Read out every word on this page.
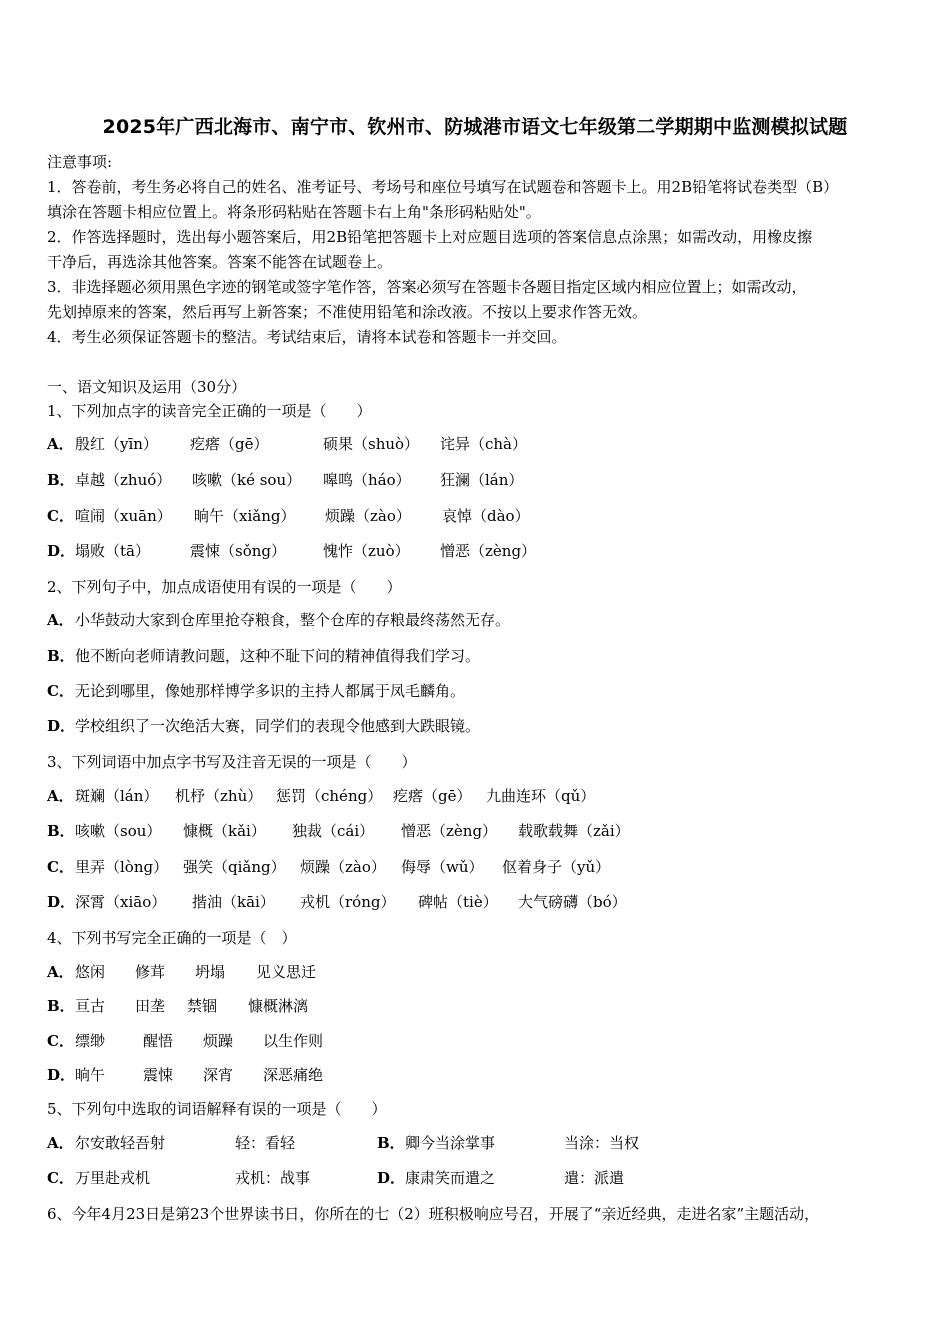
2025年广西北海市、南宁市、钦州市、防城港市语文七年级第二学期期中监测模拟试题
注意事项:
1．答卷前，考生务必将自己的姓名、准考证号、考场号和座位号填写在试题卷和答题卡上。用2B铅笔将试卷类型（B）
填涂在答题卡相应位置上。将条形码粘贴在答题卡右上角"条形码粘贴处"。
2．作答选择题时，选出每小题答案后，用2B铅笔把答题卡上对应题目选项的答案信息点涂黑；如需改动，用橡皮擦
干净后，再选涂其他答案。答案不能答在试题卷上。
3．非选择题必须用黑色字迹的钢笔或签字笔作答，答案必须写在答题卡各题目指定区域内相应位置上；如需改动，
先划掉原来的答案，然后再写上新答案；不准使用铅笔和涂改液。不按以上要求作答无效。
4．考生必须保证答题卡的整洁。考试结束后，请将本试卷和答题卡一并交回。
一、语文知识及运用（30分）
1、下列加点字的读音完全正确的一项是（　　）
A． 殷红（yīn） 疙瘩（gē）	硕果（shuò） 诧异（chà）
B． 卓越（zhuó） 咳嗽（ké sou） 嗥鸣（háo） 狂澜（lán）
C． 喧闹（xuān） 晌午（xiǎng） 烦躁（zào） 哀悼（dào）
D． 塌败（tā）	震悚（sǒng） 愧怍（zuò） 憎恶（zèng）
2、下列句子中，加点成语使用有误的一项是（　　）
A． 小华鼓动大家到仓库里抢夺粮食，整个仓库的存粮最终荡然无存。
B． 他不断向老师请教问题，这种不耻下问的精神值得我们学习。
C． 无论到哪里，像她那样博学多识的主持人都属于凤毛麟角。
D． 学校组织了一次绝活大赛，同学们的表现令他感到大跌眼镜。
3、下列词语中加点字书写及注音无误的一项是（　　）
A． 斑斓（lán） 机杼（zhù） 惩罚（chéng） 疙瘩（gē） 九曲连环（qǔ）
B． 咳嗽（sou） 慷概（kǎi） 独裁（cái） 憎恶（zèng） 载歌载舞（zǎi）
C． 里弄（lònɡ） 强笑（qiǎng） 烦躁（zào） 侮辱（wǔ） 伛着身子（yǔ）
D． 深霄（xiāo） 揩油（kāi） 戎机（róng） 碑帖（tiè） 大气磅礴（bó）
4、下列书写完全正确的一项是（　）
A． 悠闲 修茸 坍塌 见义思迁
B． 亘古 田垄 禁锢 慷概淋漓
C． 缥缈	醒悟 烦躁 以生作则
D． 晌午	震悚 深宵 深恶痛绝
5、下列句中选取的词语解释有误的一项是（　　）
A． 尔安敢轻吾射	轻：看轻	B． 卿今当涂掌事	当涂：当权
C． 万里赴戎机	戎机：战事	D． 康肃笑而遣之	遣：派遣
6、今年4月23日是第23个世界读书日，你所在的七（2）班积极响应号召，开展了“亲近经典，走进名家”主题活动，
